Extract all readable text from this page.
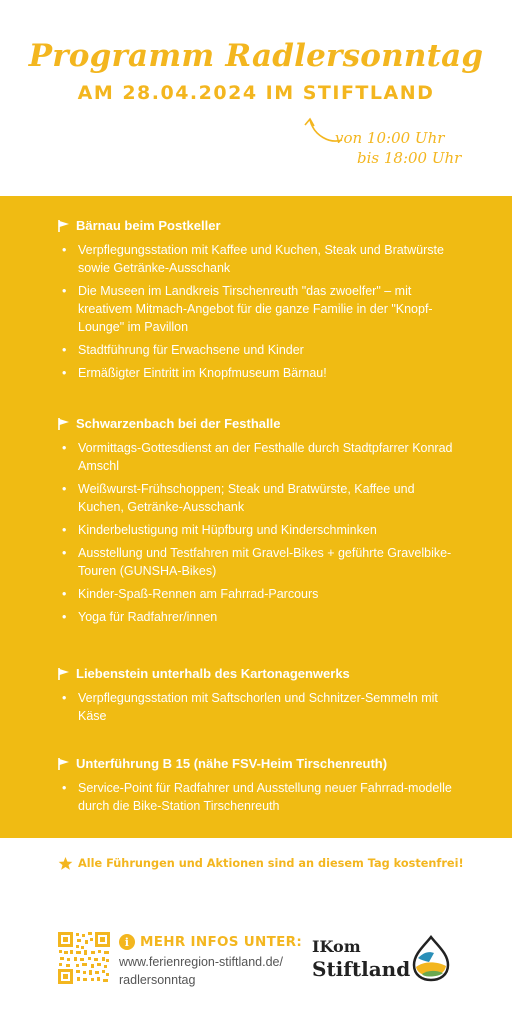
Programm Radlersonntag
AM 28.04.2024 IM STIFTLAND
von 10:00 Uhr
bis 18:00 Uhr
Bärnau beim Postkeller
• Verpflegungsstation mit Kaffee und Kuchen, Steak und Bratwürste sowie Getränke-Ausschank
• Die Museen im Landkreis Tirschenreuth "das zwoelfer" – mit kreativem Mitmach-Angebot für die ganze Familie in der "Knopf-Lounge" im Pavillon
• Stadtführung für Erwachsene und Kinder
• Ermäßigter Eintritt im Knopfmuseum Bärnau!
Schwarzenbach bei der Festhalle
• Vormittags-Gottesdienst an der Festhalle durch Stadtpfarrer Konrad Amschl
• Weißwurst-Frühschoppen; Steak und Bratwürste, Kaffee und Kuchen, Getränke-Ausschank
• Kinderbelustigung mit Hüpfburg und Kinderschminken
• Ausstellung und Testfahren mit Gravel-Bikes + geführte Gravelbike-Touren (GUNSHA-Bikes)
• Kinder-Spaß-Rennen am Fahrrad-Parcours
• Yoga für Radfahrer/innen
Liebenstein unterhalb des Kartonagenwerks
• Verpflegungsstation mit Saftschorlen und Schnitzer-Semmeln mit Käse
Unterführung B 15 (nähe FSV-Heim Tirschenreuth)
• Service-Point für Radfahrer und Ausstellung neuer Fahrrad-modelle durch die Bike-Station Tirschenreuth
Alle Führungen und Aktionen sind an diesem Tag kostenfrei!
i MEHR INFOS UNTER:
www.ferienregion-stiftland.de/
radlersonntag
IKom
Stiftland
